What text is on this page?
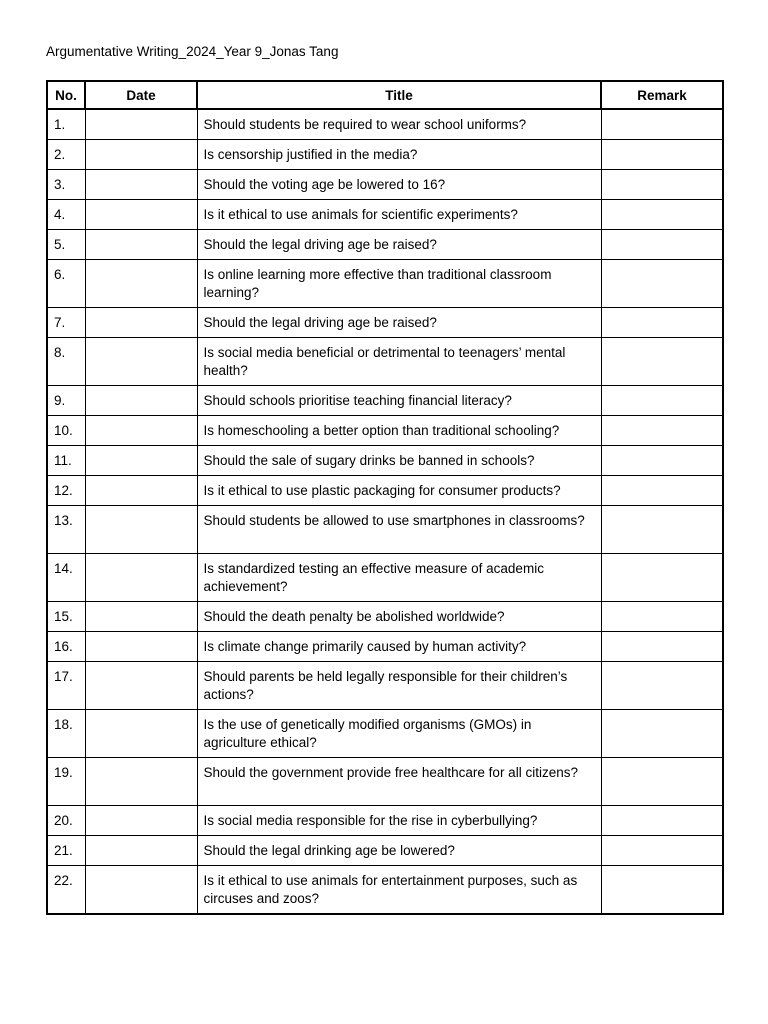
Argumentative Writing_2024_Year 9_Jonas Tang
No.	Date	Title	Remark
1.		Should students be required to wear school uniforms?	
2.		Is censorship justified in the media?	
3.		Should the voting age be lowered to 16?	
4.		Is it ethical to use animals for scientific experiments?	
5.		Should the legal driving age be raised?	
6.		Is online learning more effective than traditional classroom learning?	
7.		Should the legal driving age be raised?	
8.		Is social media beneficial or detrimental to teenagers’ mental health?	
9.		Should schools prioritise teaching financial literacy?	
10.		Is homeschooling a better option than traditional schooling?	
11.		Should the sale of sugary drinks be banned in schools?	
12.		Is it ethical to use plastic packaging for consumer products?	
13.		Should students be allowed to use smartphones in classrooms?	
14.		Is standardized testing an effective measure of academic achievement?	
15.		Should the death penalty be abolished worldwide?	
16.		Is climate change primarily caused by human activity?	
17.		Should parents be held legally responsible for their children’s actions?	
18.		Is the use of genetically modified organisms (GMOs) in agriculture ethical?	
19.		Should the government provide free healthcare for all citizens?	
20.		Is social media responsible for the rise in cyberbullying?	
21.		Should the legal drinking age be lowered?	
22.		Is it ethical to use animals for entertainment purposes, such as circuses and zoos?	
